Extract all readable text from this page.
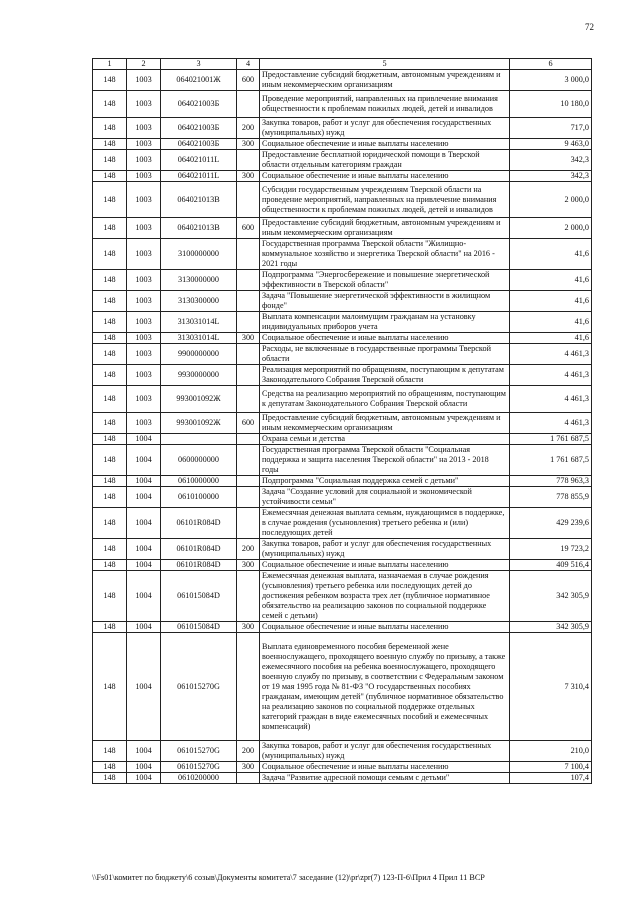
72
1	2	3	4	5	6
148	1003	064021001Ж	600	Предоставление субсидий бюджетным, автономным учреждениям и иным некоммерческим организациям	3 000,0
148	1003	064021003Б		Проведение мероприятий, направленных на привлечение внимания общественности к проблемам пожилых людей, детей и инвалидов	10 180,0
148	1003	064021003Б	200	Закупка товаров, работ и услуг для обеспечения государственных (муниципальных) нужд	717,0
148	1003	064021003Б	300	Социальное обеспечение и иные выплаты населению	9 463,0
148	1003	064021011L		Предоставление бесплатной юридической помощи в Тверской области отдельным категориям граждан	342,3
148	1003	064021011L	300	Социальное обеспечение и иные выплаты населению	342,3
148	1003	064021013В		Субсидии государственным учреждениям Тверской области на проведение мероприятий, направленных на привлечение внимания общественности к проблемам пожилых людей, детей и инвалидов	2 000,0
148	1003	064021013В	600	Предоставление субсидий бюджетным, автономным учреждениям и иным некоммерческим организациям	2 000,0
148	1003	3100000000		Государственная программа Тверской области "Жилищно-коммунальное хозяйство и энергетика Тверской области" на 2016 - 2021 годы	41,6
148	1003	3130000000		Подпрограмма "Энергосбережение и повышение энергетической эффективности в Тверской области"	41,6
148	1003	3130300000		Задача "Повышение энергетической эффективности в жилищном фонде"	41,6
148	1003	313031014L		Выплата компенсации малоимущим гражданам на установку индивидуальных приборов учета	41,6
148	1003	313031014L	300	Социальное обеспечение и иные выплаты населению	41,6
148	1003	9900000000		Расходы, не включенные в государственные программы Тверской области	4 461,3
148	1003	9930000000		Реализация мероприятий по обращениям, поступающим к депутатам Законодательного Собрания Тверской области	4 461,3
148	1003	993001092Ж		Средства на реализацию мероприятий по обращениям, поступающим к депутатам Законодательного Собрания Тверской области	4 461,3
148	1003	993001092Ж	600	Предоставление субсидий бюджетным, автономным учреждениям и иным некоммерческим организациям	4 461,3
148	1004			Охрана семьи и детства	1 761 687,5
148	1004	0600000000		Государственная программа Тверской области "Социальная поддержка и защита населения Тверской области" на 2013 - 2018 годы	1 761 687,5
148	1004	0610000000		Подпрограмма "Социальная поддержка семей с детьми"	778 963,3
148	1004	0610100000		Задача "Создание условий для социальной и экономической устойчивости семьи"	778 855,9
148	1004	06101R084D		Ежемесячная денежная выплата семьям, нуждающимся в поддержке, в случае рождения (усыновления) третьего ребенка и (или) последующих детей	429 239,6
148	1004	06101R084D	200	Закупка товаров, работ и услуг для обеспечения государственных (муниципальных) нужд	19 723,2
148	1004	06101R084D	300	Социальное обеспечение и иные выплаты населению	409 516,4
148	1004	061015084D		Ежемесячная денежная выплата, назначаемая в случае рождения (усыновления) третьего ребенка или последующих детей до достижения ребенком возраста трех лет (публичное нормативное обязательство на реализацию законов по социальной поддержке семей с детьми)	342 305,9
148	1004	061015084D	300	Социальное обеспечение и иные выплаты населению	342 305,9
148	1004	061015270G		Выплата единовременного пособия беременной жене военнослужащего, проходящего военную службу по призыву, а также ежемесячного пособия на ребенка военнослужащего, проходящего военную службу по призыву, в соответствии с Федеральным законом от 19 мая 1995 года № 81-ФЗ "О государственных пособиях гражданам, имеющим детей" (публичное нормативное обязательство на реализацию законов по социальной поддержке отдельных категорий граждан в виде ежемесячных пособий и ежемесячных компенсаций)	7 310,4
148	1004	061015270G	200	Закупка товаров, работ и услуг для обеспечения государственных (муниципальных) нужд	210,0
148	1004	061015270G	300	Социальное обеспечение и иные выплаты населению	7 100,4
148	1004	0610200000		Задача "Развитие адресной помощи семьям с детьми"	107,4
\\Fs01\комитет по бюджету\6 созыв\Документы комитета\7 заседание (12)\pr\zpr(7) 123-П-6\Прил 4 Прил 11 ВСР
